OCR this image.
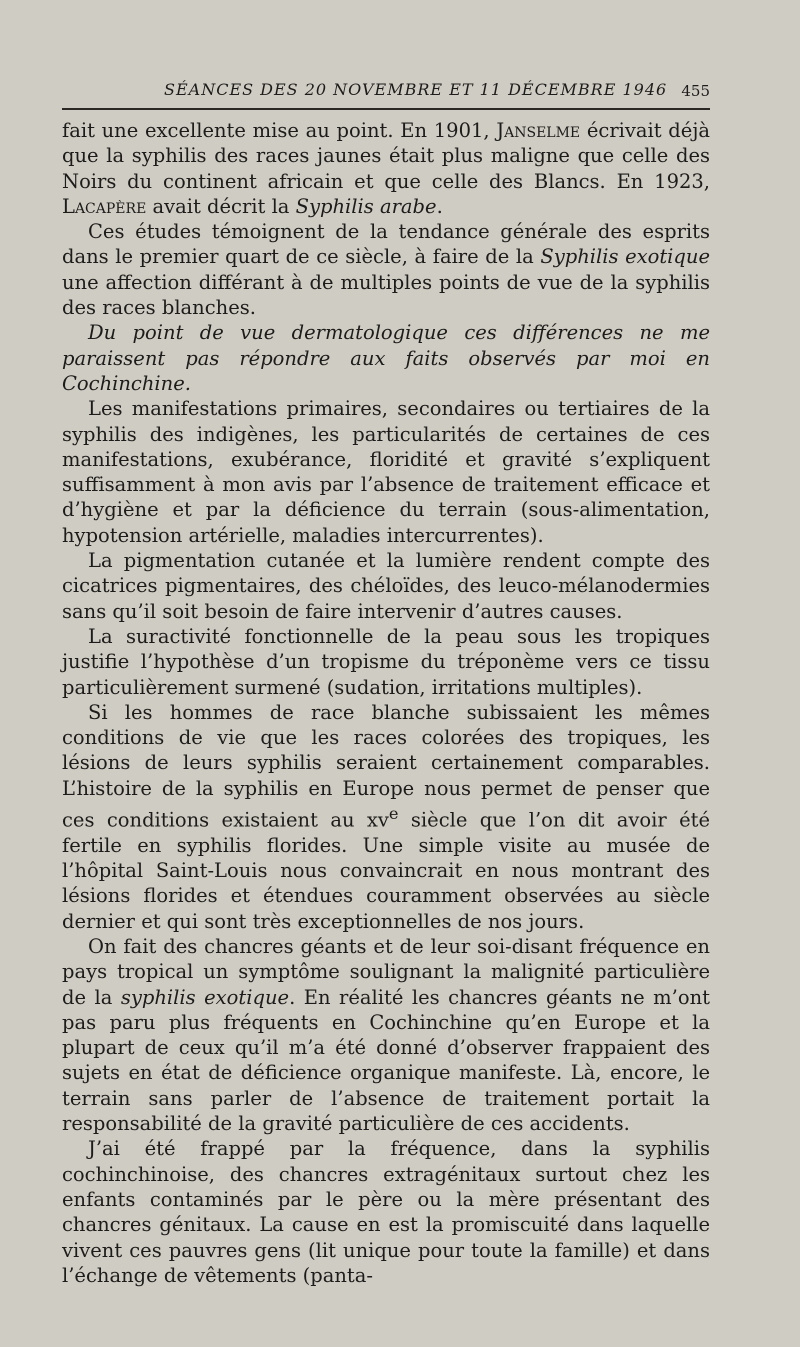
SÉANCES DES 20 NOVEMBRE ET 11 DÉCEMBRE 1946 455

fait une excellente mise au point. En 1901, Janselme écrivait déjà que la syphilis des races jaunes était plus maligne que celle des Noirs du continent africain et que celle des Blancs. En 1923, Lacapère avait décrit la Syphilis arabe.

Ces études témoignent de la tendance générale des esprits dans le premier quart de ce siècle, à faire de la Syphilis exotique une affection différant à de multiples points de vue de la syphilis des races blanches.

Du point de vue dermatologique ces différences ne me paraissent pas répondre aux faits observés par moi en Cochinchine.

Les manifestations primaires, secondaires ou tertiaires de la syphilis des indigènes, les particularités de certaines de ces manifestations, exubérance, floridité et gravité s’expliquent suffisamment à mon avis par l’absence de traitement efficace et d’hygiène et par la déficience du terrain (sous-alimentation, hypotension artérielle, maladies intercurrentes).

La pigmentation cutanée et la lumière rendent compte des cicatrices pigmentaires, des chéloïdes, des leuco-mélanodermies sans qu’il soit besoin de faire intervenir d’autres causes.

La suractivité fonctionnelle de la peau sous les tropiques justifie l’hypothèse d’un tropisme du tréponème vers ce tissu particulièrement surmené (sudation, irritations multiples).

Si les hommes de race blanche subissaient les mêmes conditions de vie que les races colorées des tropiques, les lésions de leurs syphilis seraient certainement comparables. L’histoire de la syphilis en Europe nous permet de penser que ces conditions existaient au $xv^e$ siècle que l’on dit avoir été fertile en syphilis florides. Une simple visite au musée de l’hôpital Saint-Louis nous convaincrait en nous montrant des lésions florides et étendues couramment observées au siècle dernier et qui sont très exceptionnelles de nos jours.

On fait des chancres géants et de leur soi-disant fréquence en pays tropical un symptôme soulignant la malignité particulière de la syphilis exotique. En réalité les chancres géants ne m’ont pas paru plus fréquents en Cochinchine qu’en Europe et la plupart de ceux qu’il m’a été donné d’observer frappaient des sujets en état de déficience organique manifeste. Là, encore, le terrain sans parler de l’absence de traitement portait la responsabilité de la gravité particulière de ces accidents.

J’ai été frappé par la fréquence, dans la syphilis cochinchinoise, des chancres extragénitaux surtout chez les enfants contaminés par le père ou la mère présentant des chancres génitaux. La cause en est la promiscuité dans laquelle vivent ces pauvres gens (lit unique pour toute la famille) et dans l’échange de vêtements (panta-
